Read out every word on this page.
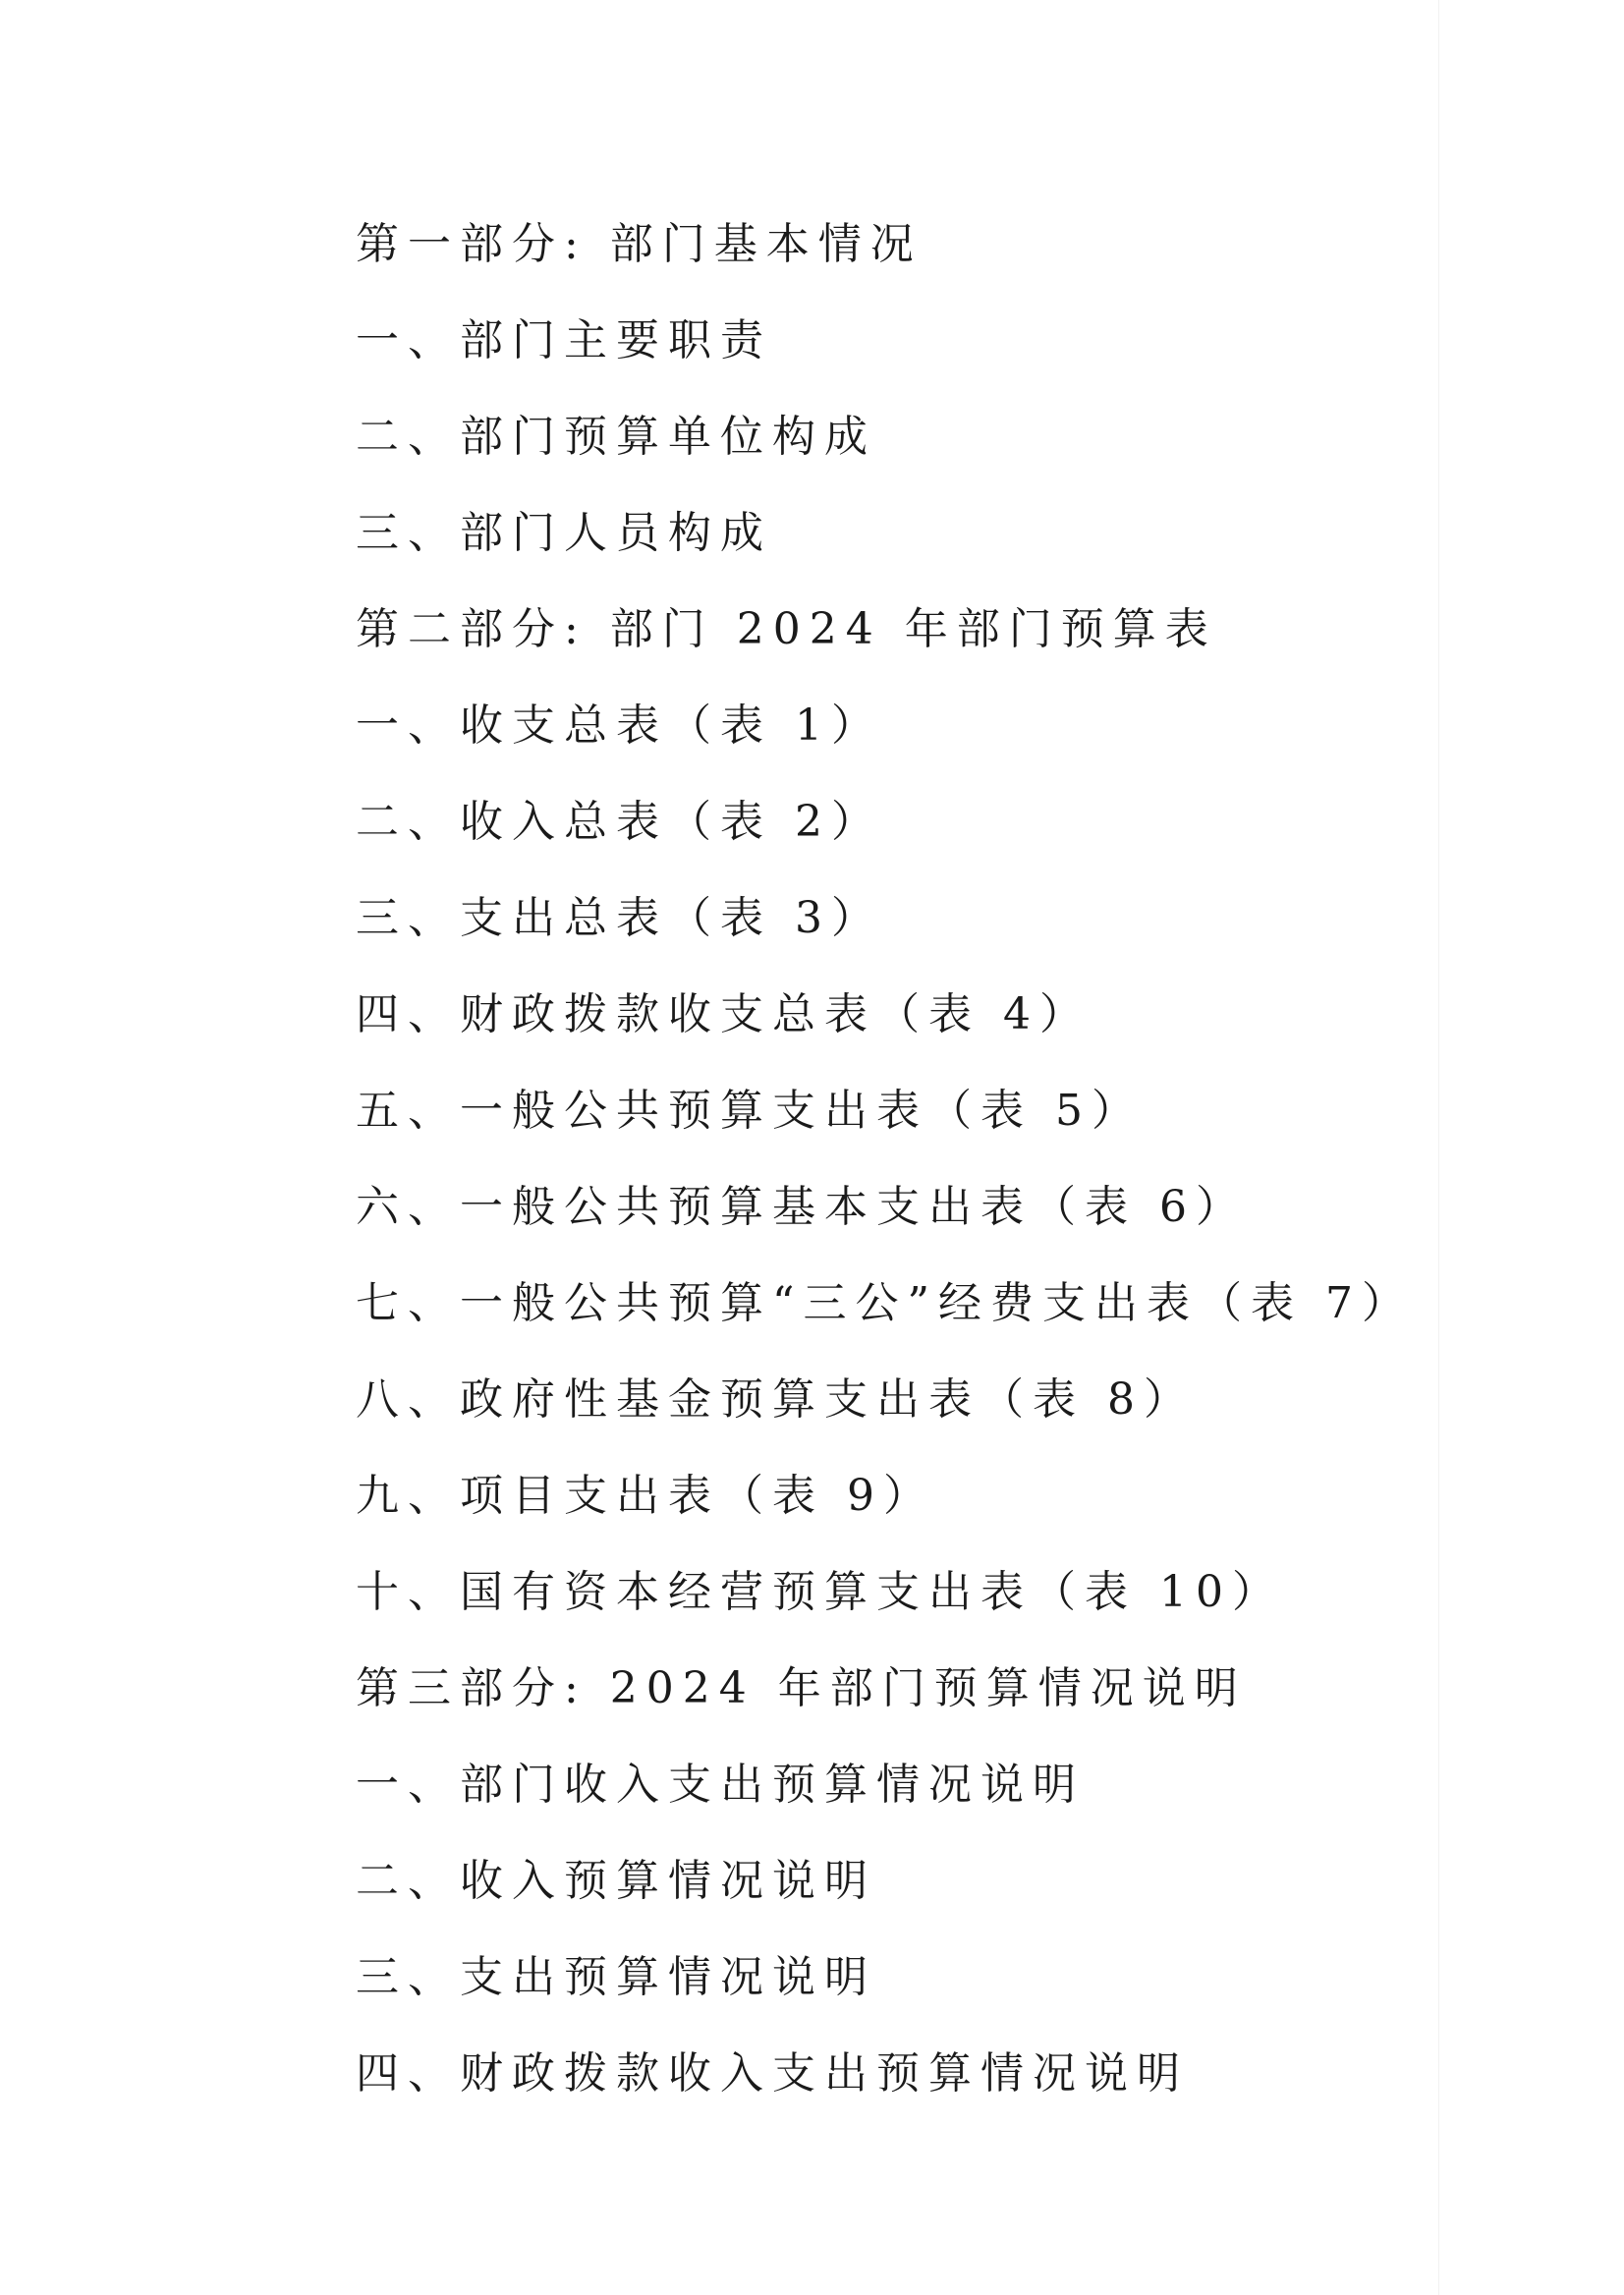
第一部分: 部门基本情况
一、部门主要职责
二、部门预算单位构成
三、部门人员构成
第二部分: 部门 2024 年部门预算表
一、收支总表（表 1）
二、收入总表（表 2）
三、支出总表（表 3）
四、财政拨款收支总表（表 4）
五、一般公共预算支出表（表 5）
六、一般公共预算基本支出表（表 6）
七、一般公共预算“三公”经费支出表（表 7）
八、政府性基金预算支出表（表 8）
九、项目支出表（表 9）
十、国有资本经营预算支出表（表 10）
第三部分: 2024 年部门预算情况说明
一、部门收入支出预算情况说明
二、收入预算情况说明
三、支出预算情况说明
四、财政拨款收入支出预算情况说明
